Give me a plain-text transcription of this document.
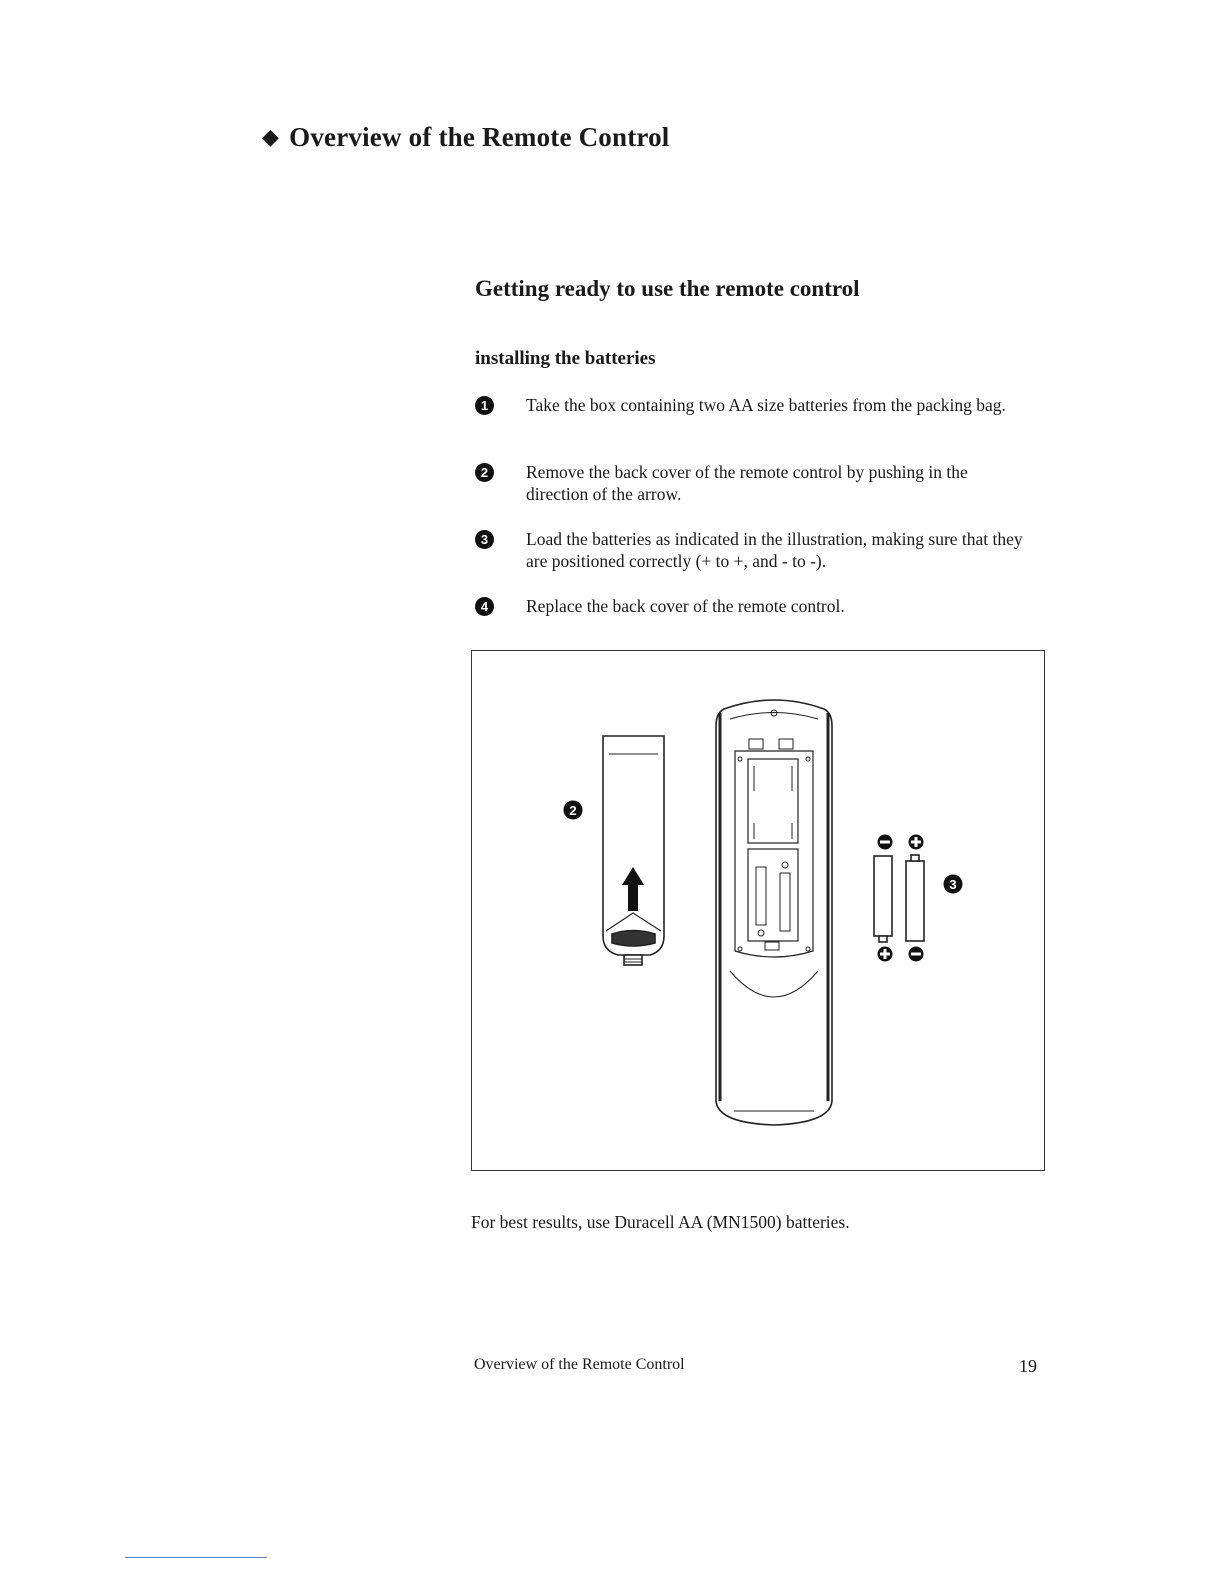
◆ Overview of the Remote Control
Getting ready to use the remote control
installing the batteries
1	Take the box containing two AA size batteries from the packing bag.
2	Remove the back cover of the remote control by pushing in the direction of the arrow.
3	Load the batteries as indicated in the illustration, making sure that they are positioned correctly (+ to +, and - to -).
4	Replace the back cover of the remote control.
2
3
For best results, use Duracell AA (MN1500) batteries.
Overview of the Remote Control	19
